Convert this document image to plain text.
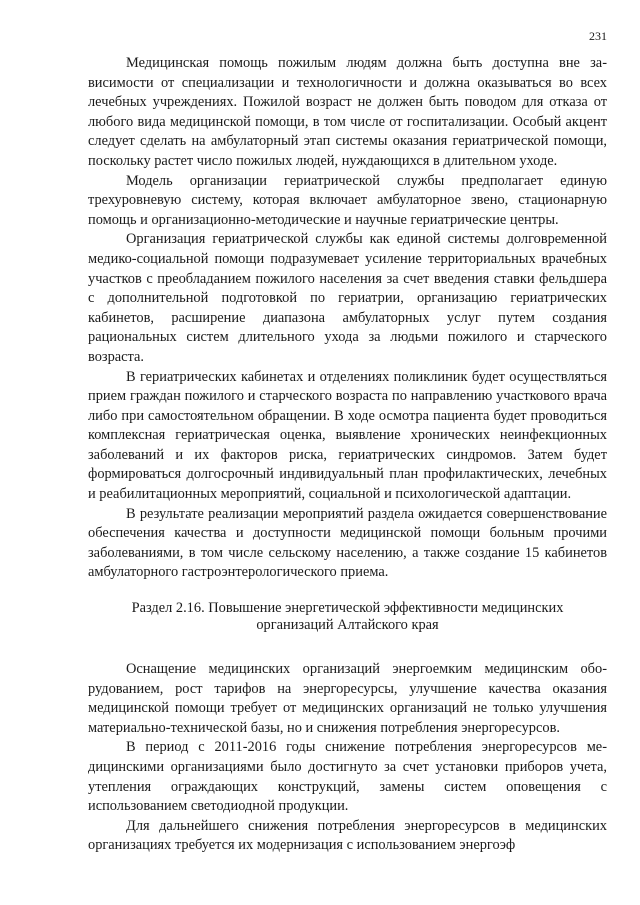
231

Медицинская помощь пожилым людям должна быть доступна вне зависимости от специализации и технологичности и должна оказываться во всех лечебных учреждениях. Пожилой возраст не должен быть поводом для отказа от любого вида медицинской помощи, в том числе от госпитализации. Особый акцент следует сделать на амбулаторный этап системы оказания гериатрической помощи, поскольку растет число пожилых людей, нуждающихся в длительном уходе.

Модель организации гериатрической службы предполагает единую трехуровневую систему, которая включает амбулаторное звено, стационарную помощь и организационно-методические и научные гериатрические центры.

Организация гериатрической службы как единой системы долговременной медико-социальной помощи подразумевает усиление территориальных врачебных участков с преобладанием пожилого населения за счет введения ставки фельдшера с дополнительной подготовкой по гериатрии, организацию гериатрических кабинетов, расширение диапазона амбулаторных услуг путем создания рациональных систем длительного ухода за людьми пожилого и старческого возраста.

В гериатрических кабинетах и отделениях поликлиник будет осуществляться прием граждан пожилого и старческого возраста по направлению участкового врача либо при самостоятельном обращении. В ходе осмотра пациента будет проводиться комплексная гериатрическая оценка, выявление хронических неинфекционных заболеваний и их факторов риска, гериатрических синдромов. Затем будет формироваться долгосрочный индивидуальный план профилактических, лечебных и реабилитационных мероприятий, социальной и психологической адаптации.

В результате реализации мероприятий раздела ожидается совершенствование обеспечения качества и доступности медицинской помощи больным прочими заболеваниями, в том числе сельскому населению, а также создание 15 кабинетов амбулаторного гастроэнтерологического приема.

Раздел 2.16. Повышение энергетической эффективности медицинских
организаций Алтайского края

Оснащение медицинских организаций энергоемким медицинским оборудованием, рост тарифов на энергоресурсы, улучшение качества оказания медицинской помощи требует от медицинских организаций не только улучшения материально-технической базы, но и снижения потребления энергоресурсов.

В период с 2011-2016 годы снижение потребления энергоресурсов медицинскими организациями было достигнуто за счет установки приборов учета, утепления ограждающих конструкций, замены систем оповещения с использованием светодиодной продукции.

Для дальнейшего снижения потребления энергоресурсов в медицинских организациях требуется их модернизация с использованием энергоэф
